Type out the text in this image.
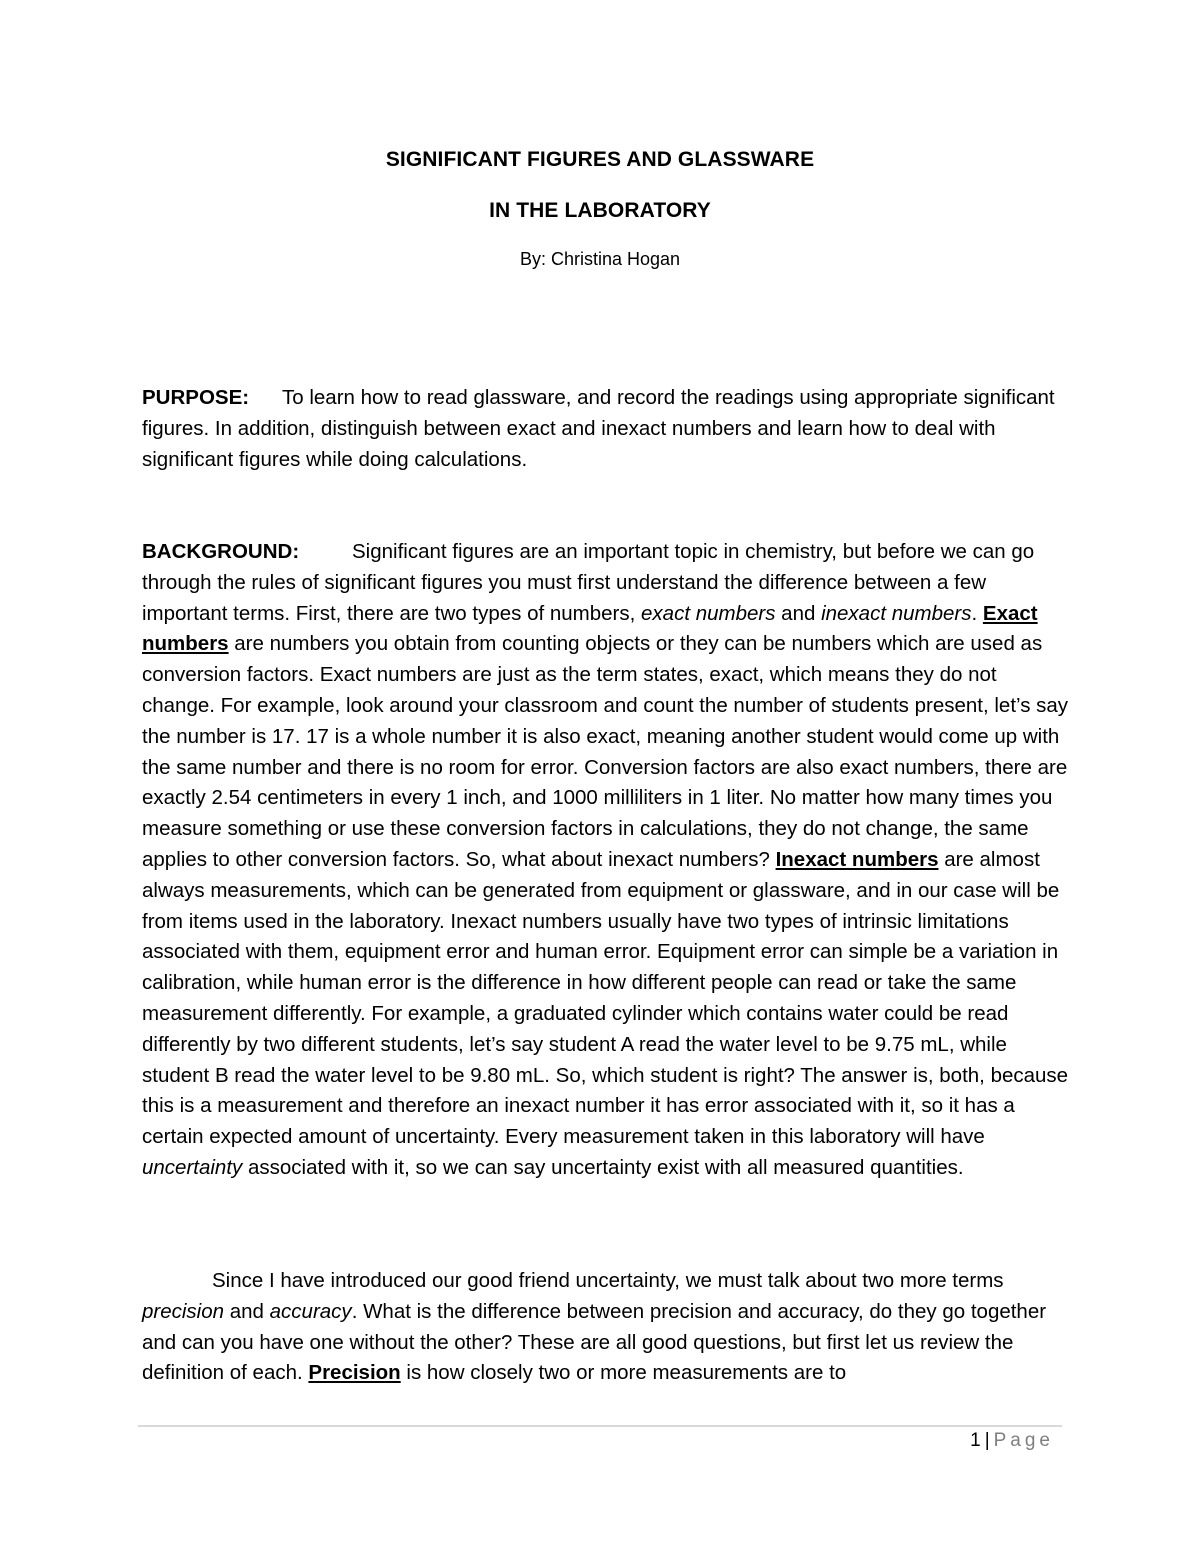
SIGNIFICANT FIGURES AND GLASSWARE
IN THE LABORATORY
By: Christina Hogan

PURPOSE: To learn how to read glassware, and record the readings using appropriate significant figures. In addition, distinguish between exact and inexact numbers and learn how to deal with significant figures while doing calculations.

BACKGROUND:	Significant figures are an important topic in chemistry, but before we can go through the rules of significant figures you must first understand the difference between a few important terms. First, there are two types of numbers, exact numbers and inexact numbers. Exact numbers are numbers you obtain from counting objects or they can be numbers which are used as conversion factors. Exact numbers are just as the term states, exact, which means they do not change. For example, look around your classroom and count the number of students present, let’s say the number is 17. 17 is a whole number it is also exact, meaning another student would come up with the same number and there is no room for error. Conversion factors are also exact numbers, there are exactly 2.54 centimeters in every 1 inch, and 1000 milliliters in 1 liter. No matter how many times you measure something or use these conversion factors in calculations, they do not change, the same applies to other conversion factors. So, what about inexact numbers? Inexact numbers are almost always measurements, which can be generated from equipment or glassware, and in our case will be from items used in the laboratory. Inexact numbers usually have two types of intrinsic limitations associated with them, equipment error and human error. Equipment error can simple be a variation in calibration, while human error is the difference in how different people can read or take the same measurement differently. For example, a graduated cylinder which contains water could be read differently by two different students, let’s say student A read the water level to be 9.75 mL, while student B read the water level to be 9.80 mL. So, which student is right? The answer is, both, because this is a measurement and therefore an inexact number it has error associated with it, so it has a certain expected amount of uncertainty. Every measurement taken in this laboratory will have uncertainty associated with it, so we can say uncertainty exist with all measured quantities.

Since I have introduced our good friend uncertainty, we must talk about two more terms precision and accuracy. What is the difference between precision and accuracy, do they go together and can you have one without the other? These are all good questions, but first let us review the definition of each. Precision is how closely two or more measurements are to

1 | Page
